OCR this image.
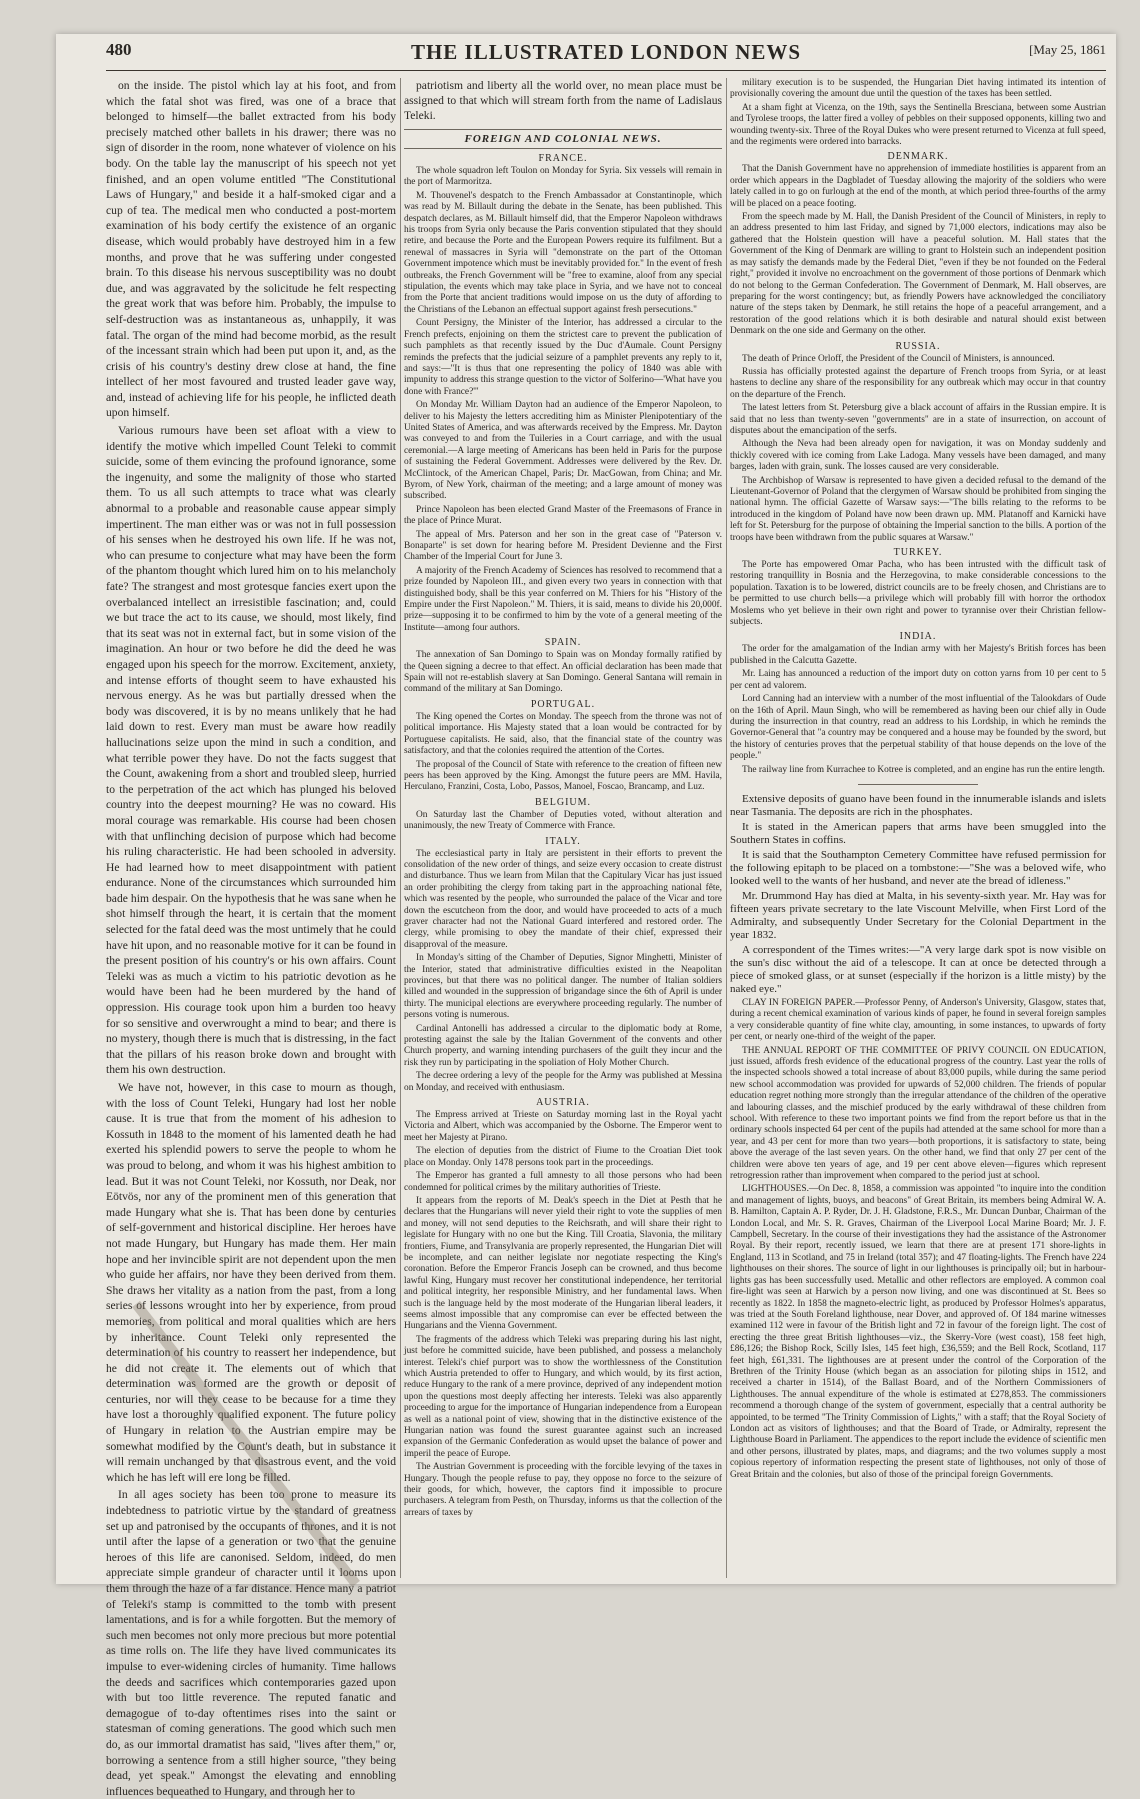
480	THE ILLUSTRATED LONDON NEWS	[May 25, 1861

on the inside. The pistol which lay at his foot, and from which the fatal shot was fired, was one of a brace that belonged to himself—the ballet extracted from his body precisely matched other ballets in his drawer; there was no sign of disorder in the room, none whatever of violence on his body. On the table lay the manuscript of his speech not yet finished, and an open volume entitled "The Constitutional Laws of Hungary," and beside it a half-smoked cigar and a cup of tea. The medical men who conducted a post-mortem examination of his body certify the existence of an organic disease, which would probably have destroyed him in a few months, and prove that he was suffering under congested brain. To this disease his nervous susceptibility was no doubt due, and was aggravated by the solicitude he felt respecting the great work that was before him. Probably, the impulse to self-destruction was as instantaneous as, unhappily, it was fatal. The organ of the mind had become morbid, as the result of the incessant strain which had been put upon it, and, as the crisis of his country's destiny drew close at hand, the fine intellect of her most favoured and trusted leader gave way, and, instead of achieving life for his people, he inflicted death upon himself.

Various rumours have been set afloat with a view to identify the motive which impelled Count Teleki to commit suicide, some of them evincing the profound ignorance, some the ingenuity, and some the malignity of those who started them. To us all such attempts to trace what was clearly abnormal to a probable and reasonable cause appear simply impertinent. The man either was or was not in full possession of his senses when he destroyed his own life. If he was not, who can presume to conjecture what may have been the form of the phantom thought which lured him on to his melancholy fate? The strangest and most grotesque fancies exert upon the overbalanced intellect an irresistible fascination; and, could we but trace the act to its cause, we should, most likely, find that its seat was not in external fact, but in some vision of the imagination. An hour or two before he did the deed he was engaged upon his speech for the morrow. Excitement, anxiety, and intense efforts of thought seem to have exhausted his nervous energy. As he was but partially dressed when the body was discovered, it is by no means unlikely that he had laid down to rest. Every man must be aware how readily hallucinations seize upon the mind in such a condition, and what terrible power they have. Do not the facts suggest that the Count, awakening from a short and troubled sleep, hurried to the perpetration of the act which has plunged his beloved country into the deepest mourning? He was no coward. His moral courage was remarkable. His course had been chosen with that unflinching decision of purpose which had become his ruling characteristic. He had been schooled in adversity. He had learned how to meet disappointment with patient endurance. None of the circumstances which surrounded him bade him despair. On the hypothesis that he was sane when he shot himself through the heart, it is certain that the moment selected for the fatal deed was the most untimely that he could have hit upon, and no reasonable motive for it can be found in the present position of his country's or his own affairs. Count Teleki was as much a victim to his patriotic devotion as he would have been had he been murdered by the hand of oppression. His courage took upon him a burden too heavy for so sensitive and overwrought a mind to bear; and there is no mystery, though there is much that is distressing, in the fact that the pillars of his reason broke down and brought with them his own destruction.

We have not, however, in this case to mourn as though, with the loss of Count Teleki, Hungary had lost her noble cause. It is true that from the moment of his adhesion to Kossuth in 1848 to the moment of his lamented death he had exerted his splendid powers to serve the people to whom he was proud to belong, and whom it was his highest ambition to lead. But it was not Count Teleki, nor Kossuth, nor Deak, nor Eötvös, nor any of the prominent men of this generation that made Hungary what she is. That has been done by centuries of self-government and historical discipline. Her heroes have not made Hungary, but Hungary has made them. Her main hope and her invincible spirit are not dependent upon the men who guide her affairs, nor have they been derived from them. She draws her vitality as a nation from the past, from a long series of lessons wrought into her by experience, from proud memories, from political and moral qualities which are hers by inheritance. Count Teleki only represented the determination of his country to reassert her independence, but he did not create it. The elements out of which that determination was formed are the growth or deposit of centuries, nor will they cease to be because for a time they have lost a thoroughly qualified exponent. The future policy of Hungary in relation to the Austrian empire may be somewhat modified by the Count's death, but in substance it will remain unchanged by that disastrous event, and the void which he has left will ere long be filled.

In all ages society has been too prone to measure its indebtedness to patriotic virtue by the standard of greatness set up and patronised by the occupants of thrones, and it is not until after the lapse of a generation or two that the genuine heroes of this life are canonised. Seldom, indeed, do men appreciate simple grandeur of character until it looms upon them through the haze of a far distance. Hence many a patriot of Teleki's stamp is committed to the tomb with present lamentations, and is for a while forgotten. But the memory of such men becomes not only more precious but more potential as time rolls on. The life they have lived communicates its impulse to ever-widening circles of humanity. Time hallows the deeds and sacrifices which contemporaries gazed upon with but too little reverence. The reputed fanatic and demagogue of to-day oftentimes rises into the saint or statesman of coming generations. The good which such men do, as our immortal dramatist has said, "lives after them," or, borrowing a sentence from a still higher source, "they being dead, yet speak." Amongst the elevating and ennobling influences bequeathed to Hungary, and through her to

patriotism and liberty all the world over, no mean place must be assigned to that which will stream forth from the name of Ladislaus Teleki.

FOREIGN AND COLONIAL NEWS.
FRANCE.

The whole squadron left Toulon on Monday for Syria. Six vessels will remain in the port of Marmoritza.

M. Thouvenel's despatch to the French Ambassador at Constantinople, which was read by M. Billault during the debate in the Senate, has been published. This despatch declares, as M. Billault himself did, that the Emperor Napoleon withdraws his troops from Syria only because the Paris convention stipulated that they should retire, and because the Porte and the European Powers require its fulfilment. But a renewal of massacres in Syria will "demonstrate on the part of the Ottoman Government impotence which must be inevitably provided for." In the event of fresh outbreaks, the French Government will be "free to examine, aloof from any special stipulation, the events which may take place in Syria, and we have not to conceal from the Porte that ancient traditions would impose on us the duty of affording to the Christians of the Lebanon an effectual support against fresh persecutions."

Count Persigny, the Minister of the Interior, has addressed a circular to the French prefects, enjoining on them the strictest care to prevent the publication of such pamphlets as that recently issued by the Duc d'Aumale. Count Persigny reminds the prefects that the judicial seizure of a pamphlet prevents any reply to it, and says:—"It is thus that one representing the policy of 1840 was able with impunity to address this strange question to the victor of Solferino—'What have you done with France?'"

On Monday Mr. William Dayton had an audience of the Emperor Napoleon, to deliver to his Majesty the letters accrediting him as Minister Plenipotentiary of the United States of America, and was afterwards received by the Empress. Mr. Dayton was conveyed to and from the Tuileries in a Court carriage, and with the usual ceremonial.—A large meeting of Americans has been held in Paris for the purpose of sustaining the Federal Government. Addresses were delivered by the Rev. Dr. McClintock, of the American Chapel, Paris; Dr. MacGowan, from China; and Mr. Byrom, of New York, chairman of the meeting; and a large amount of money was subscribed.

Prince Napoleon has been elected Grand Master of the Freemasons of France in the place of Prince Murat.

The appeal of Mrs. Paterson and her son in the great case of "Paterson v. Bonaparte" is set down for hearing before M. President Devienne and the First Chamber of the Imperial Court for June 3.

A majority of the French Academy of Sciences has resolved to recommend that a prize founded by Napoleon III., and given every two years in connection with that distinguished body, shall be this year conferred on M. Thiers for his "History of the Empire under the First Napoleon." M. Thiers, it is said, means to divide his 20,000f. prize—supposing it to be confirmed to him by the vote of a general meeting of the Institute—among four authors.

SPAIN.

The annexation of San Domingo to Spain was on Monday formally ratified by the Queen signing a decree to that effect. An official declaration has been made that Spain will not re-establish slavery at San Domingo. General Santana will remain in command of the military at San Domingo.

PORTUGAL.

The King opened the Cortes on Monday. The speech from the throne was not of political importance. His Majesty stated that a loan would be contracted for by Portuguese capitalists. He said, also, that the financial state of the country was satisfactory, and that the colonies required the attention of the Cortes.

The proposal of the Council of State with reference to the creation of fifteen new peers has been approved by the King. Amongst the future peers are MM. Havila, Herculano, Franzini, Costa, Lobo, Passos, Manoel, Foscao, Brancamp, and Luz.

BELGIUM.

On Saturday last the Chamber of Deputies voted, without alteration and unanimously, the new Treaty of Commerce with France.

ITALY.

The ecclesiastical party in Italy are persistent in their efforts to prevent the consolidation of the new order of things, and seize every occasion to create distrust and disturbance. Thus we learn from Milan that the Capitulary Vicar has just issued an order prohibiting the clergy from taking part in the approaching national fête, which was resented by the people, who surrounded the palace of the Vicar and tore down the escutcheon from the door, and would have proceeded to acts of a much graver character had not the National Guard interfered and restored order. The clergy, while promising to obey the mandate of their chief, expressed their disapproval of the measure.

In Monday's sitting of the Chamber of Deputies, Signor Minghetti, Minister of the Interior, stated that administrative difficulties existed in the Neapolitan provinces, but that there was no political danger. The number of Italian soldiers killed and wounded in the suppression of brigandage since the 6th of April is under thirty. The municipal elections are everywhere proceeding regularly. The number of persons voting is numerous.

Cardinal Antonelli has addressed a circular to the diplomatic body at Rome, protesting against the sale by the Italian Government of the convents and other Church property, and warning intending purchasers of the guilt they incur and the risk they run by participating in the spoliation of Holy Mother Church.

The decree ordering a levy of the people for the Army was published at Messina on Monday, and received with enthusiasm.

AUSTRIA.

The Empress arrived at Trieste on Saturday morning last in the Royal yacht Victoria and Albert, which was accompanied by the Osborne. The Emperor went to meet her Majesty at Pirano.

The election of deputies from the district of Fiume to the Croatian Diet took place on Monday. Only 1478 persons took part in the proceedings.

The Emperor has granted a full amnesty to all those persons who had been condemned for political crimes by the military authorities of Trieste.

It appears from the reports of M. Deak's speech in the Diet at Pesth that he declares that the Hungarians will never yield their right to vote the supplies of men and money, will not send deputies to the Reichsrath, and will share their right to legislate for Hungary with no one but the King. Till Croatia, Slavonia, the military frontiers, Fiume, and Transylvania are properly represented, the Hungarian Diet will be incomplete, and can neither legislate nor negotiate respecting the King's coronation. Before the Emperor Francis Joseph can be crowned, and thus become lawful King, Hungary must recover her constitutional independence, her territorial and political integrity, her responsible Ministry, and her fundamental laws. When such is the language held by the most moderate of the Hungarian liberal leaders, it seems almost impossible that any compromise can ever be effected between the Hungarians and the Vienna Government.

The fragments of the address which Teleki was preparing during his last night, just before he committed suicide, have been published, and possess a melancholy interest. Teleki's chief purport was to show the worthlessness of the Constitution which Austria pretended to offer to Hungary, and which would, by its first action, reduce Hungary to the rank of a mere province, deprived of any independent motion upon the questions most deeply affecting her interests. Teleki was also apparently proceeding to argue for the importance of Hungarian independence from a European as well as a national point of view, showing that in the distinctive existence of the Hungarian nation was found the surest guarantee against such an increased expansion of the Germanic Confederation as would upset the balance of power and imperil the peace of Europe.

The Austrian Government is proceeding with the forcible levying of the taxes in Hungary. Though the people refuse to pay, they oppose no force to the seizure of their goods, for which, however, the captors find it impossible to procure purchasers. A telegram from Pesth, on Thursday, informs us that the collection of the arrears of taxes by

military execution is to be suspended, the Hungarian Diet having intimated its intention of provisionally covering the amount due until the question of the taxes has been settled.

At a sham fight at Vicenza, on the 19th, says the Sentinella Bresciana, between some Austrian and Tyrolese troops, the latter fired a volley of pebbles on their supposed opponents, killing two and wounding twenty-six. Three of the Royal Dukes who were present returned to Vicenza at full speed, and the regiments were ordered into barracks.

DENMARK.

That the Danish Government have no apprehension of immediate hostilities is apparent from an order which appears in the Dagbladet of Tuesday allowing the majority of the soldiers who were lately called in to go on furlough at the end of the month, at which period three-fourths of the army will be placed on a peace footing.

From the speech made by M. Hall, the Danish President of the Council of Ministers, in reply to an address presented to him last Friday, and signed by 71,000 electors, indications may also be gathered that the Holstein question will have a peaceful solution. M. Hall states that the Government of the King of Denmark are willing to grant to Holstein such an independent position as may satisfy the demands made by the Federal Diet, "even if they be not founded on the Federal right," provided it involve no encroachment on the government of those portions of Denmark which do not belong to the German Confederation. The Government of Denmark, M. Hall observes, are preparing for the worst contingency; but, as friendly Powers have acknowledged the conciliatory nature of the steps taken by Denmark, he still retains the hope of a peaceful arrangement, and a restoration of the good relations which it is both desirable and natural should exist between Denmark on the one side and Germany on the other.

RUSSIA.

The death of Prince Orloff, the President of the Council of Ministers, is announced.

Russia has officially protested against the departure of French troops from Syria, or at least hastens to decline any share of the responsibility for any outbreak which may occur in that country on the departure of the French.

The latest letters from St. Petersburg give a black account of affairs in the Russian empire. It is said that no less than twenty-seven "governments" are in a state of insurrection, on account of disputes about the emancipation of the serfs.

Although the Neva had been already open for navigation, it was on Monday suddenly and thickly covered with ice coming from Lake Ladoga. Many vessels have been damaged, and many barges, laden with grain, sunk. The losses caused are very considerable.

The Archbishop of Warsaw is represented to have given a decided refusal to the demand of the Lieutenant-Governor of Poland that the clergymen of Warsaw should be prohibited from singing the national hymn. The official Gazette of Warsaw says:—"The bills relating to the reforms to be introduced in the kingdom of Poland have now been drawn up. MM. Platanoff and Karnicki have left for St. Petersburg for the purpose of obtaining the Imperial sanction to the bills. A portion of the troops have been withdrawn from the public squares at Warsaw."

TURKEY.

The Porte has empowered Omar Pacha, who has been intrusted with the difficult task of restoring tranquillity in Bosnia and the Herzegovina, to make considerable concessions to the population. Taxation is to be lowered, district councils are to be freely chosen, and Christians are to be permitted to use church bells—a privilege which will probably fill with horror the orthodox Moslems who yet believe in their own right and power to tyrannise over their Christian fellow-subjects.

INDIA.

The order for the amalgamation of the Indian army with her Majesty's British forces has been published in the Calcutta Gazette.

Mr. Laing has announced a reduction of the import duty on cotton yarns from 10 per cent to 5 per cent ad valorem.

Lord Canning had an interview with a number of the most influential of the Talookdars of Oude on the 16th of April. Maun Singh, who will be remembered as having been our chief ally in Oude during the insurrection in that country, read an address to his Lordship, in which he reminds the Governor-General that "a country may be conquered and a house may be founded by the sword, but the history of centuries proves that the perpetual stability of that house depends on the love of the people."

The railway line from Kurrachee to Kotree is completed, and an engine has run the entire length.

Extensive deposits of guano have been found in the innumerable islands and islets near Tasmania. The deposits are rich in the phosphates.

It is stated in the American papers that arms have been smuggled into the Southern States in coffins.

It is said that the Southampton Cemetery Committee have refused permission for the following epitaph to be placed on a tombstone:—"She was a beloved wife, who looked well to the wants of her husband, and never ate the bread of idleness."

Mr. Drummond Hay has died at Malta, in his seventy-sixth year. Mr. Hay was for fifteen years private secretary to the late Viscount Melville, when First Lord of the Admiralty, and subsequently Under Secretary for the Colonial Department in the year 1832.

A correspondent of the Times writes:—"A very large dark spot is now visible on the sun's disc without the aid of a telescope. It can at once be detected through a piece of smoked glass, or at sunset (especially if the horizon is a little misty) by the naked eye."

CLAY IN FOREIGN PAPER.—Professor Penny, of Anderson's University, Glasgow, states that, during a recent chemical examination of various kinds of paper, he found in several foreign samples a very considerable quantity of fine white clay, amounting, in some instances, to upwards of forty per cent, or nearly one-third of the weight of the paper.

THE ANNUAL REPORT OF THE COMMITTEE OF PRIVY COUNCIL ON EDUCATION, just issued, affords fresh evidence of the educational progress of the country. Last year the rolls of the inspected schools showed a total increase of about 83,000 pupils, while during the same period new school accommodation was provided for upwards of 52,000 children. The friends of popular education regret nothing more strongly than the irregular attendance of the children of the operative and labouring classes, and the mischief produced by the early withdrawal of these children from school. With reference to these two important points we find from the report before us that in the ordinary schools inspected 64 per cent of the pupils had attended at the same school for more than a year, and 43 per cent for more than two years—both proportions, it is satisfactory to state, being above the average of the last seven years. On the other hand, we find that only 27 per cent of the children were above ten years of age, and 19 per cent above eleven—figures which represent retrogression rather than improvement when compared to the period just at school.

LIGHTHOUSES.—On Dec. 8, 1858, a commission was appointed "to inquire into the condition and management of lights, buoys, and beacons" of Great Britain, its members being Admiral W. A. B. Hamilton, Captain A. P. Ryder, Dr. J. H. Gladstone, F.R.S., Mr. Duncan Dunbar, Chairman of the London Local, and Mr. S. R. Graves, Chairman of the Liverpool Local Marine Board; Mr. J. F. Campbell, Secretary. In the course of their investigations they had the assistance of the Astronomer Royal. By their report, recently issued, we learn that there are at present 171 shore-lights in England, 113 in Scotland, and 75 in Ireland (total 357); and 47 floating-lights. The French have 224 lighthouses on their shores. The source of light in our lighthouses is principally oil; but in harbour-lights gas has been successfully used. Metallic and other reflectors are employed. A common coal fire-light was seen at Harwich by a person now living, and one was discontinued at St. Bees so recently as 1822. In 1858 the magneto-electric light, as produced by Professor Holmes's apparatus, was tried at the South Foreland lighthouse, near Dover, and approved of. Of 184 marine witnesses examined 112 were in favour of the British light and 72 in favour of the foreign light. The cost of erecting the three great British lighthouses—viz., the Skerry-Vore (west coast), 158 feet high, £86,126; the Bishop Rock, Scilly Isles, 145 feet high, £36,559; and the Bell Rock, Scotland, 117 feet high, £61,331. The lighthouses are at present under the control of the Corporation of the Brethren of the Trinity House (which began as an association for piloting ships in 1512, and received a charter in 1514), of the Ballast Board, and of the Northern Commissioners of Lighthouses. The annual expenditure of the whole is estimated at £278,853. The commissioners recommend a thorough change of the system of government, especially that a central authority be appointed, to be termed "The Trinity Commission of Lights," with a staff; that the Royal Society of London act as visitors of lighthouses; and that the Board of Trade, or Admiralty, represent the Lighthouse Board in Parliament. The appendices to the report include the evidence of scientific men and other persons, illustrated by plates, maps, and diagrams; and the two volumes supply a most copious repertory of information respecting the present state of lighthouses, not only of those of Great Britain and the colonies, but also of those of the principal foreign Governments.
